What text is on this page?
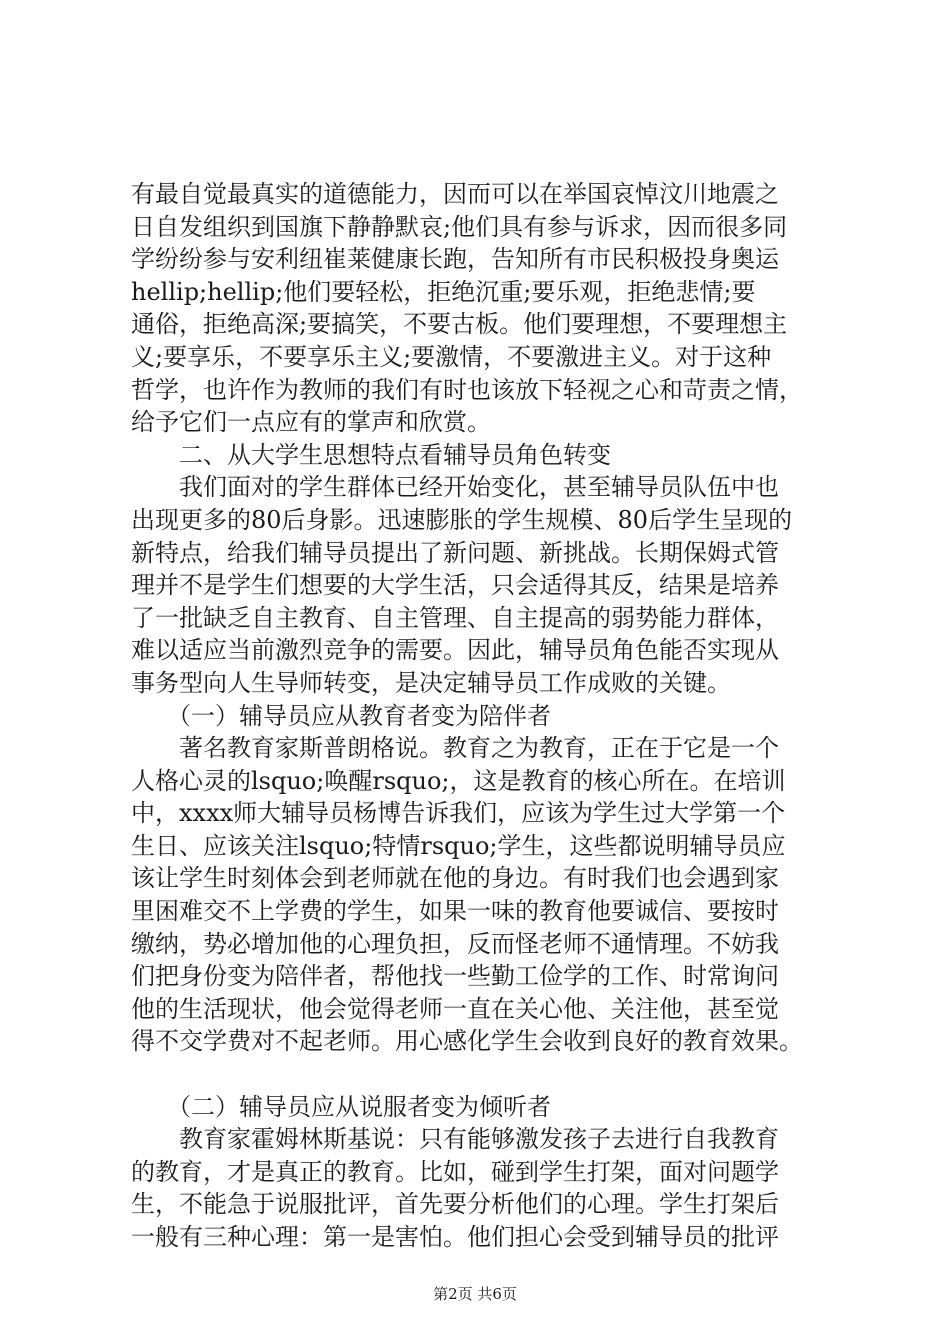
有最自觉最真实的道德能力，因而可以在举国哀悼汶川地震之
日自发组织到国旗下静静默哀;他们具有参与诉求，因而很多同
学纷纷参与安利纽崔莱健康长跑，告知所有市民积极投身奥运
hellip;hellip;他们要轻松，拒绝沉重;要乐观，拒绝悲情;要
通俗，拒绝高深;要搞笑，不要古板。他们要理想，不要理想主
义;要享乐，不要享乐主义;要激情，不要激进主义。对于这种
哲学，也许作为教师的我们有时也该放下轻视之心和苛责之情，
给予它们一点应有的掌声和欣赏。
　　二、从大学生思想特点看辅导员角色转变
　　我们面对的学生群体已经开始变化，甚至辅导员队伍中也
出现更多的80后身影。迅速膨胀的学生规模、80后学生呈现的
新特点，给我们辅导员提出了新问题、新挑战。长期保姆式管
理并不是学生们想要的大学生活，只会适得其反，结果是培养
了一批缺乏自主教育、自主管理、自主提高的弱势能力群体，
难以适应当前激烈竞争的需要。因此，辅导员角色能否实现从
事务型向人生导师转变，是决定辅导员工作成败的关键。
　　（一）辅导员应从教育者变为陪伴者
　　著名教育家斯普朗格说。教育之为教育，正在于它是一个
人格心灵的lsquo;唤醒rsquo;，这是教育的核心所在。在培训
中，xxxx师大辅导员杨博告诉我们，应该为学生过大学第一个
生日、应该关注lsquo;特情rsquo;学生，这些都说明辅导员应
该让学生时刻体会到老师就在他的身边。有时我们也会遇到家
里困难交不上学费的学生，如果一味的教育他要诚信、要按时
缴纳，势必增加他的心理负担，反而怪老师不通情理。不妨我
们把身份变为陪伴者，帮他找一些勤工俭学的工作、时常询问
他的生活现状，他会觉得老师一直在关心他、关注他，甚至觉
得不交学费对不起老师。用心感化学生会收到良好的教育效果。
　　（二）辅导员应从说服者变为倾听者
　　教育家霍姆林斯基说：只有能够激发孩子去进行自我教育
的教育，才是真正的教育。比如，碰到学生打架，面对问题学
生，不能急于说服批评，首先要分析他们的心理。学生打架后
一般有三种心理：第一是害怕。他们担心会受到辅导员的批评
第2页 共6页
